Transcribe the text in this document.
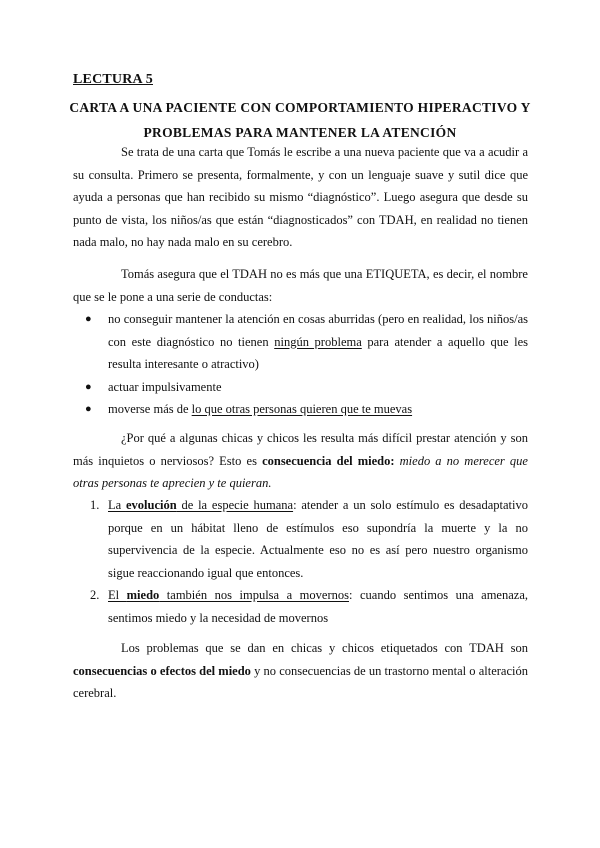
LECTURA 5
CARTA A UNA PACIENTE CON COMPORTAMIENTO HIPERACTIVO Y
PROBLEMAS PARA MANTENER LA ATENCIÓN
Se trata de una carta que Tomás le escribe a una nueva paciente que va a acudir a su consulta. Primero se presenta, formalmente, y con un lenguaje suave y sutil dice que ayuda a personas que han recibido su mismo “diagnóstico”. Luego asegura que desde su punto de vista, los niños/as que están “diagnosticados” con TDAH, en realidad no tienen nada malo, no hay nada malo en su cerebro.
Tomás asegura que el TDAH no es más que una ETIQUETA, es decir, el nombre que se le pone a una serie de conductas:
● no conseguir mantener la atención en cosas aburridas (pero en realidad, los niños/as con este diagnóstico no tienen ningún problema para atender a aquello que les resulta interesante o atractivo)
● actuar impulsivamente
● moverse más de lo que otras personas quieren que te muevas
¿Por qué a algunas chicas y chicos les resulta más difícil prestar atención y son más inquietos o nerviosos? Esto es consecuencia del miedo: miedo a no merecer que otras personas te aprecien y te quieran.
1. La evolución de la especie humana: atender a un solo estímulo es desadaptativo porque en un hábitat lleno de estímulos eso supondría la muerte y la no supervivencia de la especie. Actualmente eso no es así pero nuestro organismo sigue reaccionando igual que entonces.
2. El miedo también nos impulsa a movernos: cuando sentimos una amenaza, sentimos miedo y la necesidad de movernos
Los problemas que se dan en chicas y chicos etiquetados con TDAH son consecuencias o efectos del miedo y no consecuencias de un trastorno mental o alteración cerebral.
